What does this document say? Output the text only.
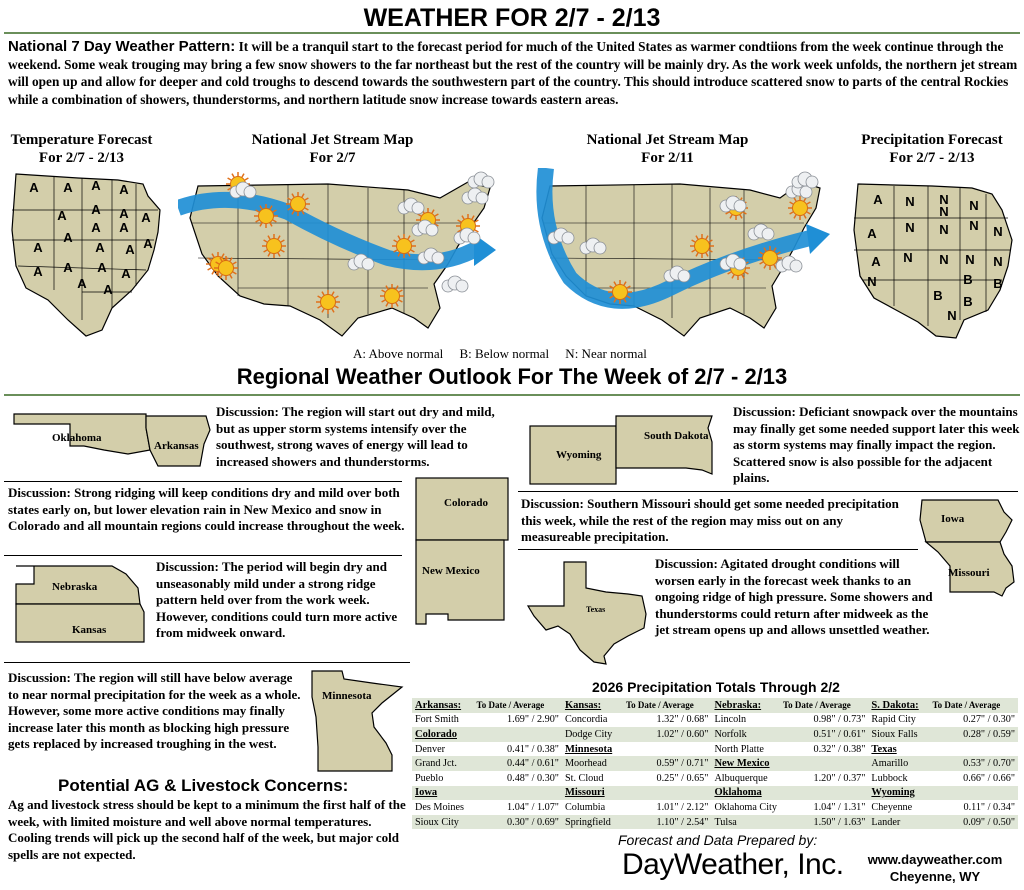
WEATHER FOR 2/7 - 2/13
National 7 Day Weather Pattern: It will be a tranquil start to the forecast period for much of the United States as warmer condtiions from the week continue through the weekend. Some weak trouging may bring a few snow showers to the far northeast but the rest of the country will be mainly dry. As the work week unfolds, the northern jet stream will open up and allow for deeper and cold troughs to descend towards the southwestern part of the country. This should introduce scattered snow to parts of the central Rockies while a combination of showers, thunderstorms, and northern latitude snow increase towards eastern areas.
Temperature Forecast
For 2/7 - 2/13
National Jet Stream Map
For 2/7
National Jet Stream Map
For 2/11
Precipitation Forecast
For 2/7 - 2/13
A A A A
A A A A
A
A
A A
A
A
A A
A	A A
A A
A N N
N N
A N N N N
A N N N N
B B
N
B B
N
A: Above normal     B: Below normal     N: Near normal
Regional Weather Outlook For The Week of 2/7 - 2/13
Oklahoma
Arkansas
Discussion: The region will start out dry and mild, but as upper storm systems intensify over the southwest, strong waves of energy will lead to increased showers and thunderstorms.
Discussion: Strong ridging will keep conditions dry and mild over both states early on, but lower elevation rain in New Mexico and snow in Colorado and all mountain regions could increase throughout the week.
Colorado
New Mexico
Nebraska
Kansas
Discussion: The period will begin dry and unseasonably mild under a strong ridge pattern held over from the work week. However, conditions could turn more active from midweek onward.
Discussion: The region will still have below average to near normal precipitation for the week as a whole. However, some more active conditions may finally increase later this month as blocking high pressure gets replaced by increased troughing in the west.
Minnesota
Wyoming
South Dakota
Discussion: Deficiant snowpack over the mountains may finally get some needed support later this week as storm systems may finally impact the region. Scattered snow is also possible for the adjacent plains.
Discussion: Southern Missouri should get some needed precipitation this week, while the rest of the region may miss out on any measureable precipitation.
Iowa
Missouri
Texas
Discussion: Agitated drought conditions will worsen early in the forecast week thanks to an ongoing ridge of high pressure. Some showers and thunderstorms could return after midweek as the jet stream opens up and allows unsettled weather.
2026 Precipitation Totals Through 2/2
Arkansas:	To Date / Average	Kansas:	To Date / Average	Nebraska:	To Date / Average	S. Dakota:	To Date / Average
Fort Smith	1.69" / 2.90"	Concordia	1.32" / 0.68"	Lincoln	0.98" / 0.73"	Rapid City	0.27" / 0.30"
Colorado		Dodge City	1.02" / 0.60"	Norfolk	0.51" / 0.61"	Sioux Falls	0.28" / 0.59"
Denver	0.41" / 0.38"	Minnesota		North Platte	0.32" / 0.38"	Texas	
Grand Jct.	0.44" / 0.61"	Moorhead	0.59" / 0.71"	New Mexico		Amarillo	0.53" / 0.70"
Pueblo	0.48" / 0.30"	St. Cloud	0.25" / 0.65"	Albuquerque	1.20" / 0.37"	Lubbock	0.66" / 0.66"
Iowa		Missouri		Oklahoma		Wyoming	
Des Moines	1.04" / 1.07"	Columbia	1.01" / 2.12"	Oklahoma City	1.04" / 1.31"	Cheyenne	0.11" / 0.34"
Sioux City	0.30" / 0.69"	Springfield	1.10" / 2.54"	Tulsa	1.50" / 1.63"	Lander	0.09" / 0.50"
Potential AG & Livestock Concerns:
Ag and livestock stress should be kept to a minimum the first half of the week, with limited moisture and well above normal temperatures. Cooling trends will pick up the second half of the week, but major cold spells are not expected.
Forecast and Data Prepared by:
DayWeather, Inc.	www.dayweather.com
Cheyenne, WY
